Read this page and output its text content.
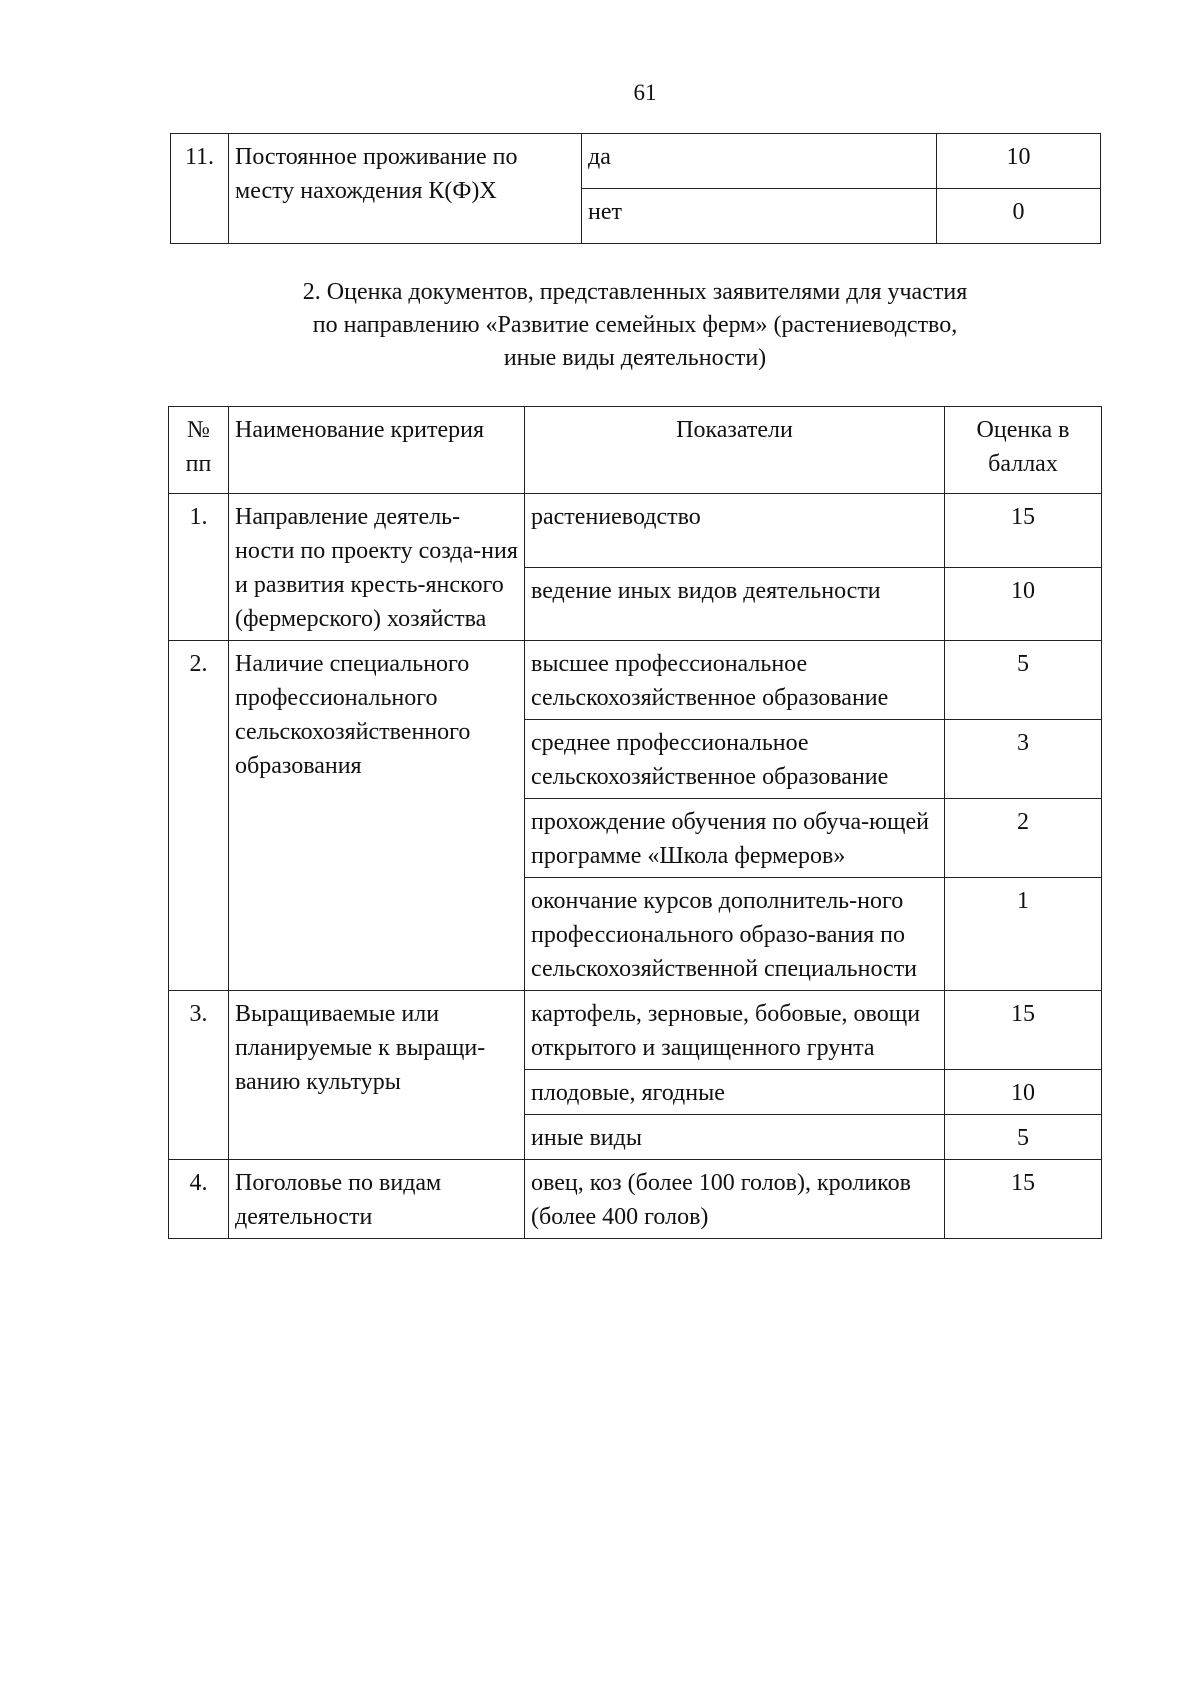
61
11.	Постоянное проживание по месту нахождения К(Ф)Х	да	10
		нет	0
2. Оценка документов, представленных заявителями для участия
по направлению «Развитие семейных ферм» (растениеводство,
иные виды деятельности)
№ пп	Наименование критерия	Показатели	Оценка в баллах
1.	Направление деятель-ности по проекту созда-ния и развития кресть-янского (фермерского) хозяйства	растениеводство	15
		ведение иных видов деятельности	10
2.	Наличие специального профессионального сельскохозяйственного образования	высшее профессиональное сельскохозяйственное образование	5
		среднее профессиональное сельскохозяйственное образование	3
		прохождение обучения по обуча-ющей программе «Школа фермеров»	2
		окончание курсов дополнитель-ного профессионального образо-вания по сельскохозяйственной специальности	1
3.	Выращиваемые или планируемые к выращи-ванию культуры	картофель, зерновые, бобовые, овощи открытого и защищенного грунта	15
		плодовые, ягодные	10
		иные виды	5
4.	Поголовье по видам деятельности	овец, коз (более 100 голов), кроликов (более 400 голов)	15
